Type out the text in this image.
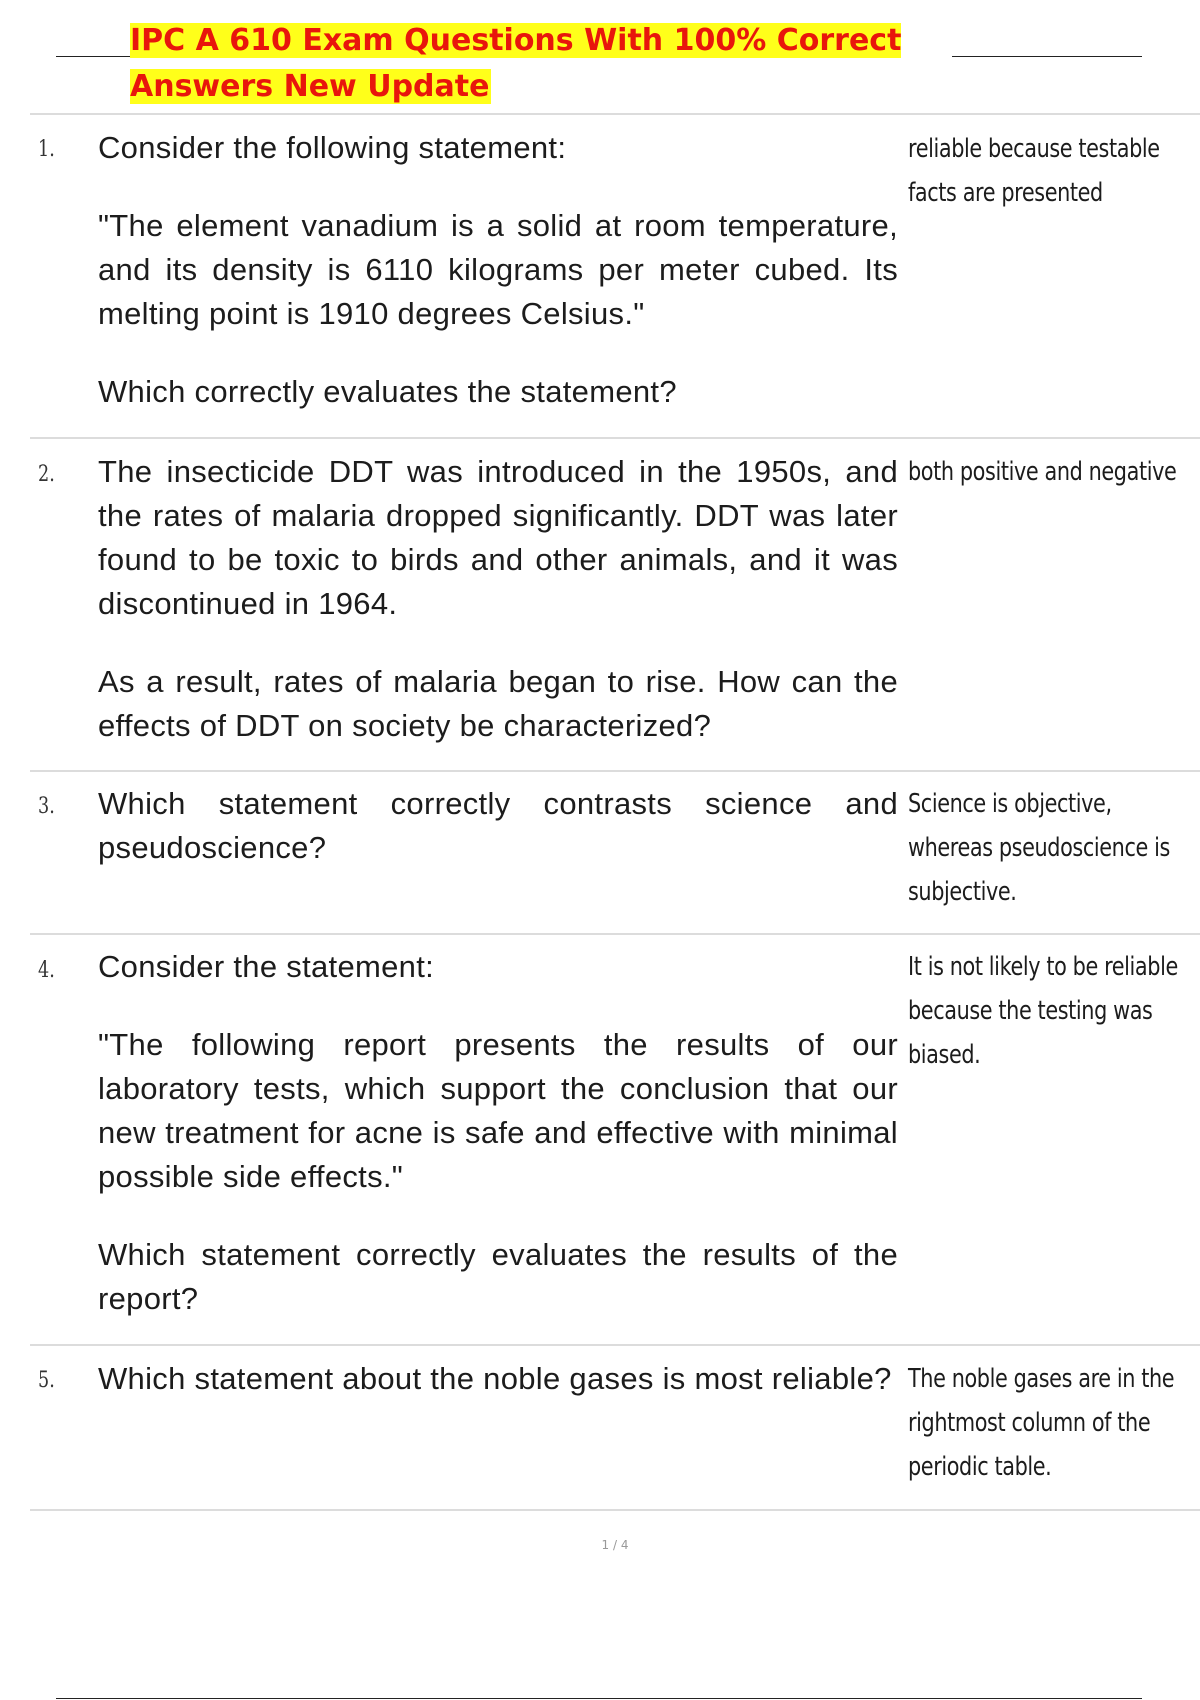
IPC A 610 Exam Questions With 100% Correct Answers New Update
1. Consider the following statement:

"The element vanadium is a solid at room temperature, and its density is 6110 kilograms per meter cubed. Its melting point is 1910 degrees Celsius."

Which correctly evaluates the statement?

reliable because testable facts are presented
2. The insecticide DDT was introduced in the 1950s, and the rates of malaria dropped significantly. DDT was later found to be toxic to birds and other animals, and it was discontinued in 1964.

As a result, rates of malaria began to rise. How can the effects of DDT on society be characterized?

both positive and negative
3. Which statement correctly contrasts science and pseudoscience?

Science is objective, whereas pseudoscience is subjective.
4. Consider the statement:

"The following report presents the results of our laboratory tests, which support the conclusion that our new treatment for acne is safe and effective with minimal possible side effects."

Which statement correctly evaluates the results of the report?

It is not likely to be reliable because the testing was biased.
5. Which statement about the noble gases is most reliable? The noble gases are in the rightmost column of the periodic table.
1 / 4
